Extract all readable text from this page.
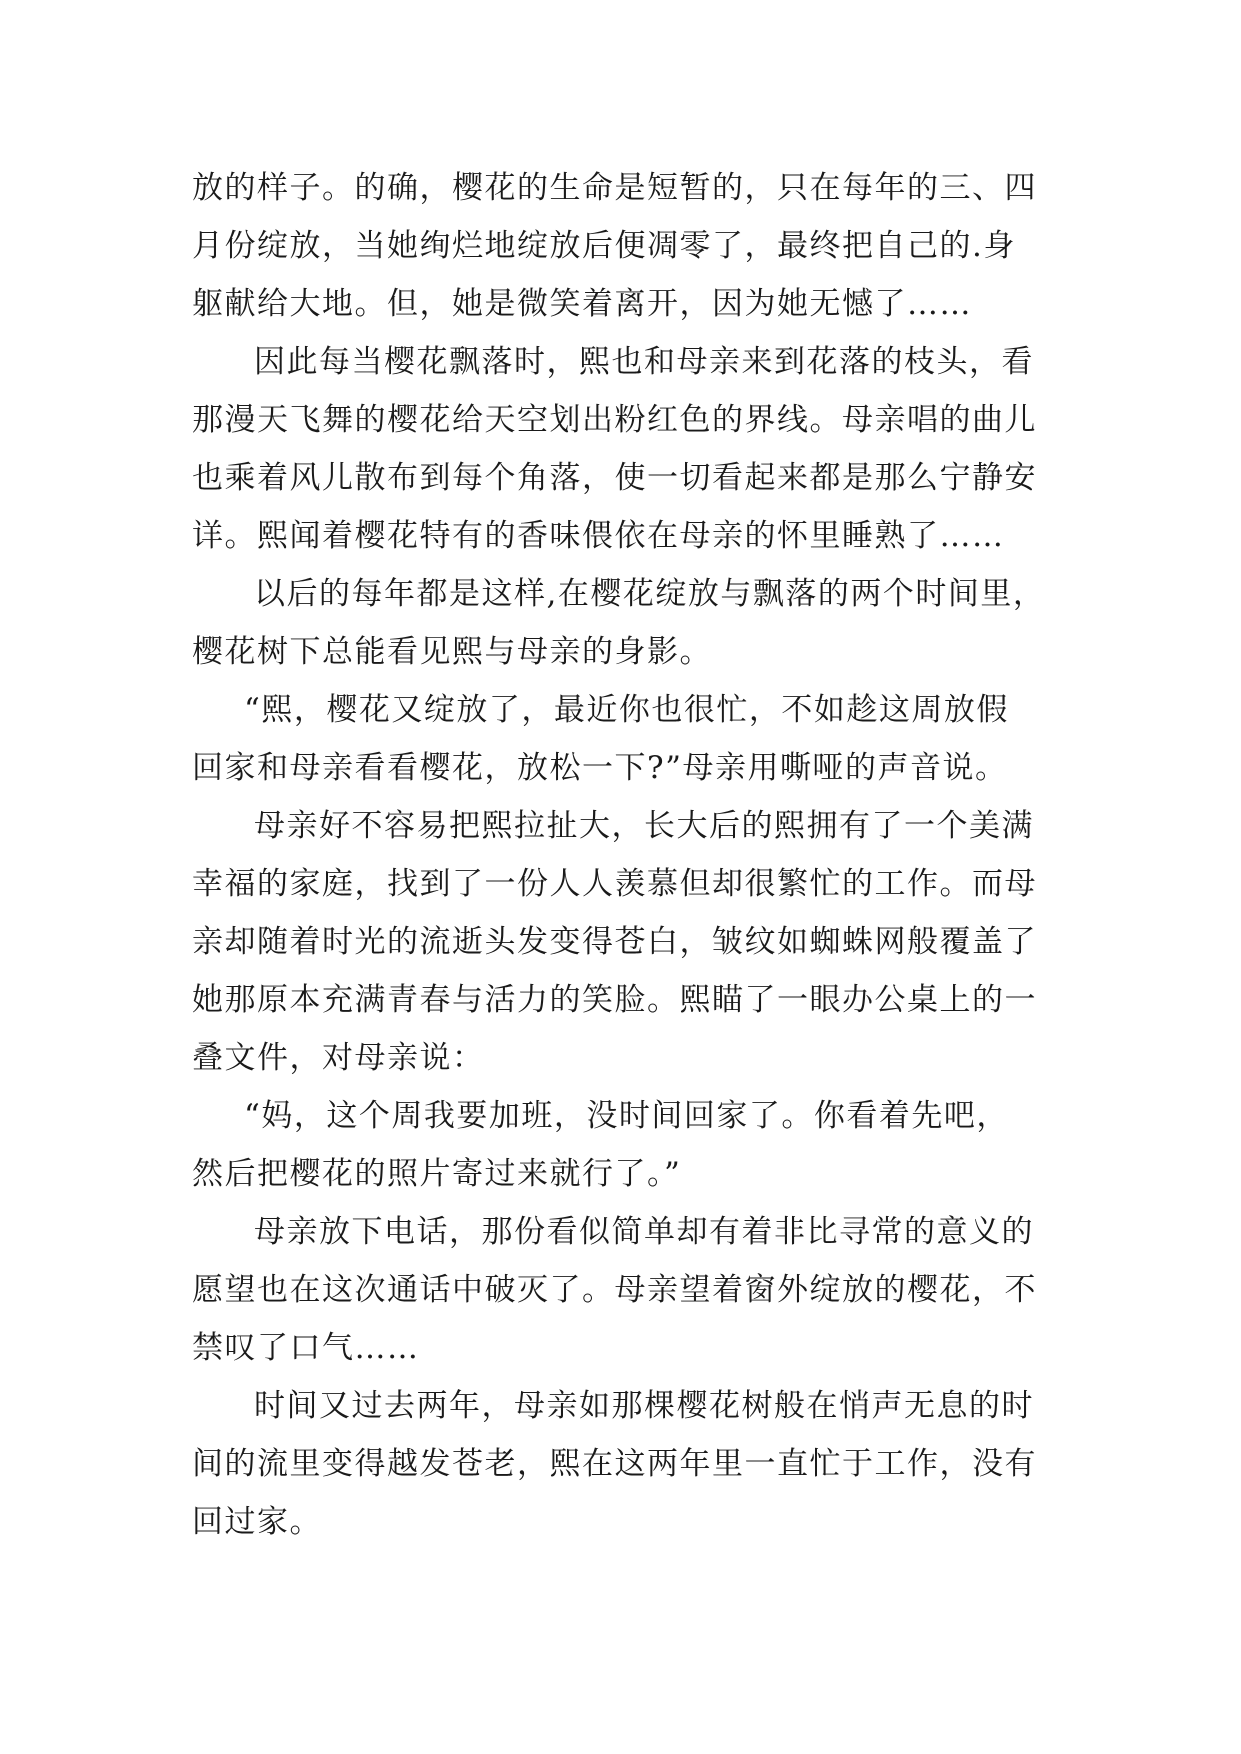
放的样子。的确，樱花的生命是短暂的，只在每年的三、四
月份绽放，当她绚烂地绽放后便凋零了，最终把自己的.身
躯献给大地。但，她是微笑着离开，因为她无憾了……
因此每当樱花飘落时，熙也和母亲来到花落的枝头，看
那漫天飞舞的樱花给天空划出粉红色的界线。母亲唱的曲儿
也乘着风儿散布到每个角落，使一切看起来都是那么宁静安
详。熙闻着樱花特有的香味偎依在母亲的怀里睡熟了……
以后的每年都是这样,在樱花绽放与飘落的两个时间里，
樱花树下总能看见熙与母亲的身影。
“熙，樱花又绽放了，最近你也很忙，不如趁这周放假
回家和母亲看看樱花，放松一下?”母亲用嘶哑的声音说。
母亲好不容易把熙拉扯大，长大后的熙拥有了一个美满
幸福的家庭，找到了一份人人羡慕但却很繁忙的工作。而母
亲却随着时光的流逝头发变得苍白，皱纹如蜘蛛网般覆盖了
她那原本充满青春与活力的笑脸。熙瞄了一眼办公桌上的一
叠文件，对母亲说：
“妈，这个周我要加班，没时间回家了。你看着先吧，
然后把樱花的照片寄过来就行了。”
母亲放下电话，那份看似简单却有着非比寻常的意义的
愿望也在这次通话中破灭了。母亲望着窗外绽放的樱花，不
禁叹了口气……
时间又过去两年，母亲如那棵樱花树般在悄声无息的时
间的流里变得越发苍老，熙在这两年里一直忙于工作，没有
回过家。
